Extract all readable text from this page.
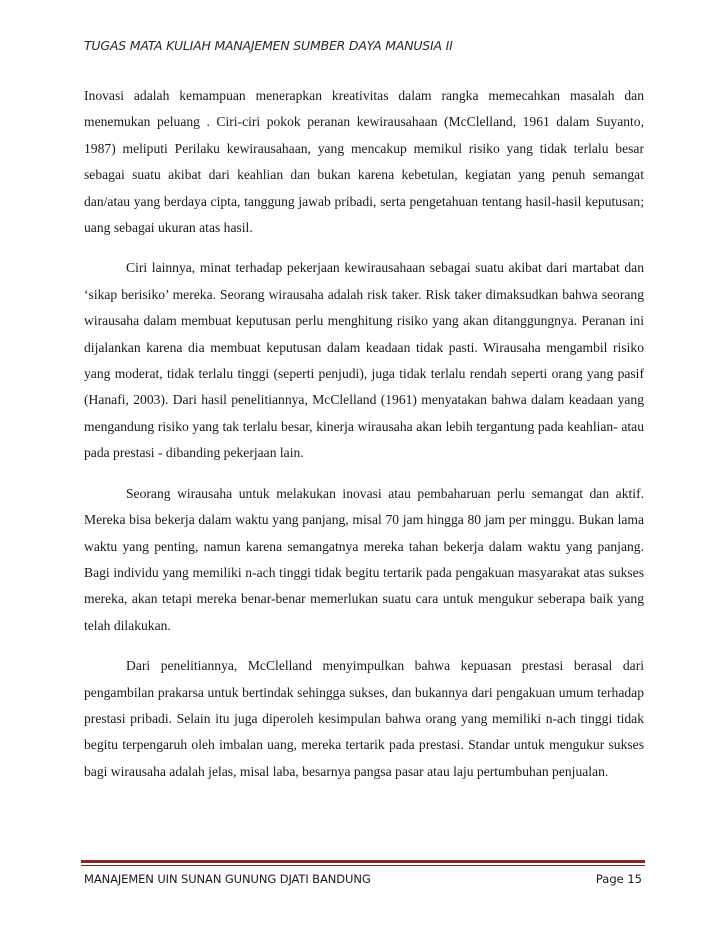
TUGAS MATA KULIAH MANAJEMEN SUMBER DAYA MANUSIA II

Inovasi adalah kemampuan menerapkan kreativitas dalam rangka memecahkan masalah dan menemukan peluang . Ciri-ciri pokok peranan kewirausahaan (McClelland, 1961 dalam Suyanto, 1987) meliputi Perilaku kewirausahaan, yang mencakup memikul risiko yang tidak terlalu besar sebagai suatu akibat dari keahlian dan bukan karena kebetulan, kegiatan yang penuh semangat dan/atau yang berdaya cipta, tanggung jawab pribadi, serta pengetahuan tentang hasil-hasil keputusan; uang sebagai ukuran atas hasil.

Ciri lainnya, minat terhadap pekerjaan kewirausahaan sebagai suatu akibat dari martabat dan ‘sikap berisiko’ mereka. Seorang wirausaha adalah risk taker. Risk taker dimaksudkan bahwa seorang wirausaha dalam membuat keputusan perlu menghitung risiko yang akan ditanggungnya. Peranan ini dijalankan karena dia membuat keputusan dalam keadaan tidak pasti. Wirausaha mengambil risiko yang moderat, tidak terlalu tinggi (seperti penjudi), juga tidak terlalu rendah seperti orang yang pasif (Hanafi, 2003). Dari hasil penelitiannya, McClelland (1961) menyatakan bahwa dalam keadaan yang mengandung risiko yang tak terlalu besar, kinerja wirausaha akan lebih tergantung pada keahlian- atau pada prestasi - dibanding pekerjaan lain.

Seorang wirausaha untuk melakukan inovasi atau pembaharuan perlu semangat dan aktif. Mereka bisa bekerja dalam waktu yang panjang, misal 70 jam hingga 80 jam per minggu. Bukan lama waktu yang penting, namun karena semangatnya mereka tahan bekerja dalam waktu yang panjang. Bagi individu yang memiliki n-ach tinggi tidak begitu tertarik pada pengakuan masyarakat atas sukses mereka, akan tetapi mereka benar-benar memerlukan suatu cara untuk mengukur seberapa baik yang telah dilakukan.

Dari penelitiannya, McClelland menyimpulkan bahwa kepuasan prestasi berasal dari pengambilan prakarsa untuk bertindak sehingga sukses, dan bukannya dari pengakuan umum terhadap prestasi pribadi. Selain itu juga diperoleh kesimpulan bahwa orang yang memiliki n-ach tinggi tidak begitu terpengaruh oleh imbalan uang, mereka tertarik pada prestasi. Standar untuk mengukur sukses bagi wirausaha adalah jelas, misal laba, besarnya pangsa pasar atau laju pertumbuhan penjualan.

MANAJEMEN UIN SUNAN GUNUNG DJATI BANDUNG	Page 15
